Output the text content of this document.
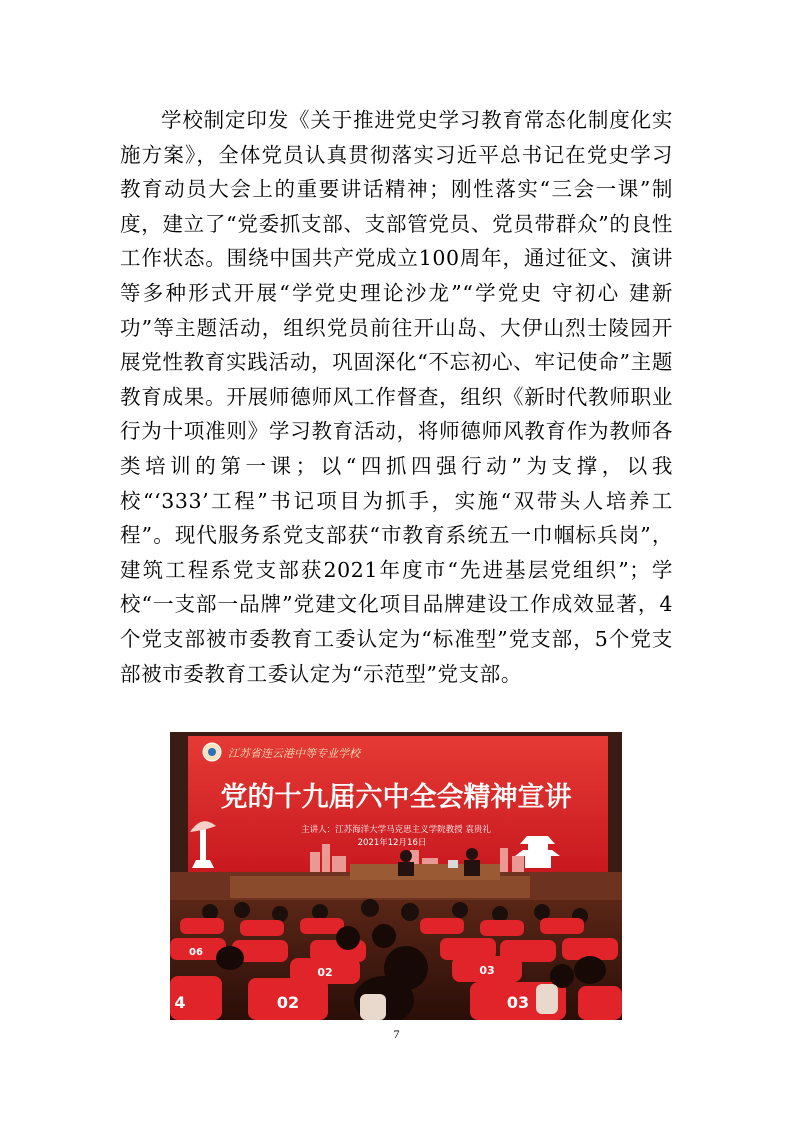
学校制定印发《关于推进党史学习教育常态化制度化实施方案》，全体党员认真贯彻落实习近平总书记在党史学习教育动员大会上的重要讲话精神；刚性落实“三会一课”制度，建立了“党委抓支部、支部管党员、党员带群众”的良性工作状态。围绕中国共产党成立100周年，通过征文、演讲等多种形式开展“学党史理论沙龙”“学党史 守初心 建新功”等主题活动，组织党员前往开山岛、大伊山烈士陵园开展党性教育实践活动，巩固深化“不忘初心、牢记使命”主题教育成果。开展师德师风工作督查，组织《新时代教师职业行为十项准则》学习教育活动，将师德师风教育作为教师各类培训的第一课；以“四抓四强行动”为支撑，以我校“‘333’工程”书记项目为抓手，实施“双带头人培养工程”。现代服务系党支部获“市教育系统五一巾帼标兵岗”，建筑工程系党支部获2021年度市“先进基层党组织”；学校“一支部一品牌”党建文化项目品牌建设工作成效显著，4个党支部被市委教育工委认定为“标准型”党支部，5个党支部被市委教育工委认定为“示范型”党支部。

江苏省连云港中等专业学校
党的十九届六中全会精神宣讲
主讲人：江苏海洋大学马克思主义学院教授 袁贵礼
2021年12月16日
06
02	03
02	03
4
7
